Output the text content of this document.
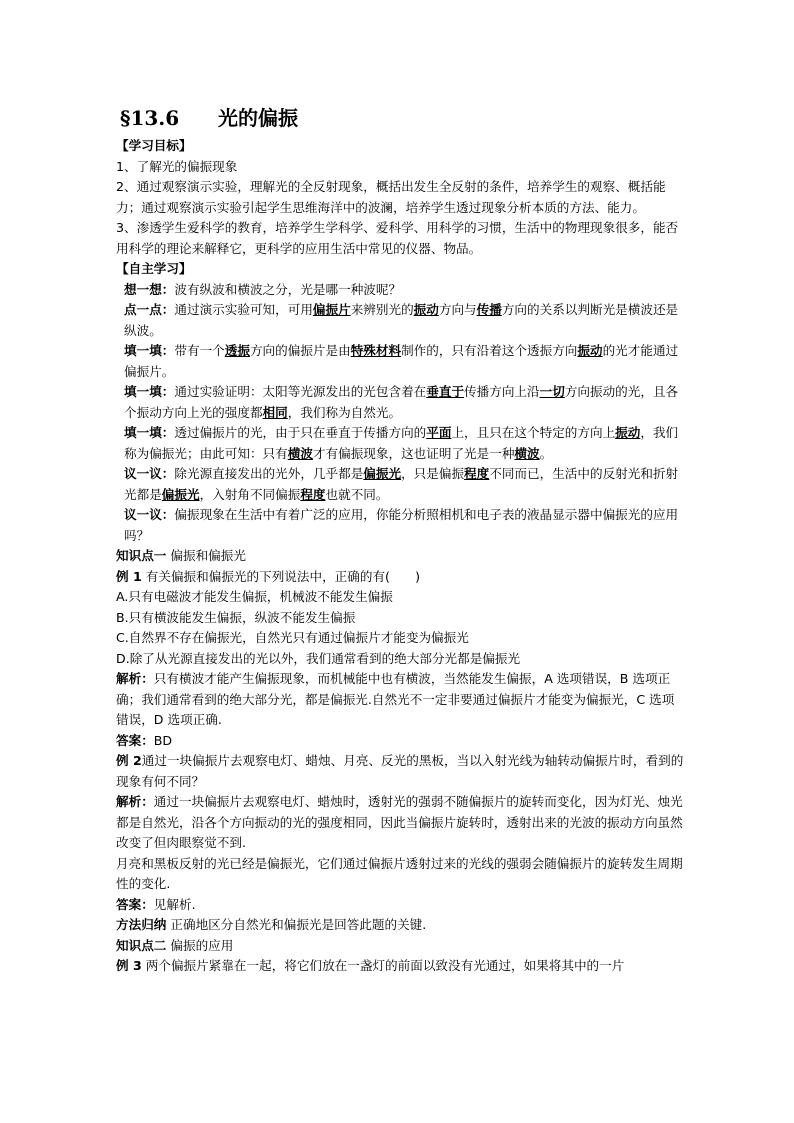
§13.6 光的偏振

【学习目标】

1、了解光的偏振现象

2、通过观察演示实验，理解光的全反射现象，概括出发生全反射的条件，培养学生的观察、概括能力；通过观察演示实验引起学生思维海洋中的波澜，培养学生透过现象分析本质的方法、能力。

3、渗透学生爱科学的教育，培养学生学科学、爱科学、用科学的习惯，生活中的物理现象很多，能否用科学的理论来解释它，更科学的应用生活中常见的仪器、物品。

【自主学习】

想一想：波有纵波和横波之分，光是哪一种波呢？

点一点：通过演示实验可知，可用偏振片来辨别光的振动方向与传播方向的关系以判断光是横波还是纵波。

填一填：带有一个透振方向的偏振片是由特殊材料制作的，只有沿着这个透振方向振动的光才能通过偏振片。

填一填：通过实验证明：太阳等光源发出的光包含着在垂直于传播方向上沿一切方向振动的光，且各个振动方向上光的强度都相同，我们称为自然光。

填一填：透过偏振片的光，由于只在垂直于传播方向的平面上，且只在这个特定的方向上振动，我们称为偏振光；由此可知：只有横波才有偏振现象，这也证明了光是一种横波。

议一议：除光源直接发出的光外，几乎都是偏振光，只是偏振程度不同而已，生活中的反射光和折射光都是偏振光，入射角不同偏振程度也就不同。

议一议：偏振现象在生活中有着广泛的应用，你能分析照相机和电子表的液晶显示器中偏振光的应用吗？

知识点一 偏振和偏振光

例 1 有关偏振和偏振光的下列说法中，正确的有(　　)

A.只有电磁波才能发生偏振，机械波不能发生偏振

B.只有横波能发生偏振，纵波不能发生偏振

C.自然界不存在偏振光，自然光只有通过偏振片才能变为偏振光

D.除了从光源直接发出的光以外，我们通常看到的绝大部分光都是偏振光

解析：只有横波才能产生偏振现象，而机械能中也有横波，当然能发生偏振，A 选项错误，B 选项正确；我们通常看到的绝大部分光，都是偏振光.自然光不一定非要通过偏振片才能变为偏振光，C 选项错误，D 选项正确.

答案：BD

例 2通过一块偏振片去观察电灯、蜡烛、月亮、反光的黑板，当以入射光线为轴转动偏振片时，看到的现象有何不同？

解析：通过一块偏振片去观察电灯、蜡烛时，透射光的强弱不随偏振片的旋转而变化，因为灯光、烛光都是自然光，沿各个方向振动的光的强度相同，因此当偏振片旋转时，透射出来的光波的振动方向虽然改变了但肉眼察觉不到.

月亮和黑板反射的光已经是偏振光，它们通过偏振片透射过来的光线的强弱会随偏振片的旋转发生周期性的变化.

答案：见解析.

方法归纳 正确地区分自然光和偏振光是回答此题的关键.

知识点二 偏振的应用

例 3 两个偏振片紧靠在一起，将它们放在一盏灯的前面以致没有光通过，如果将其中的一片
